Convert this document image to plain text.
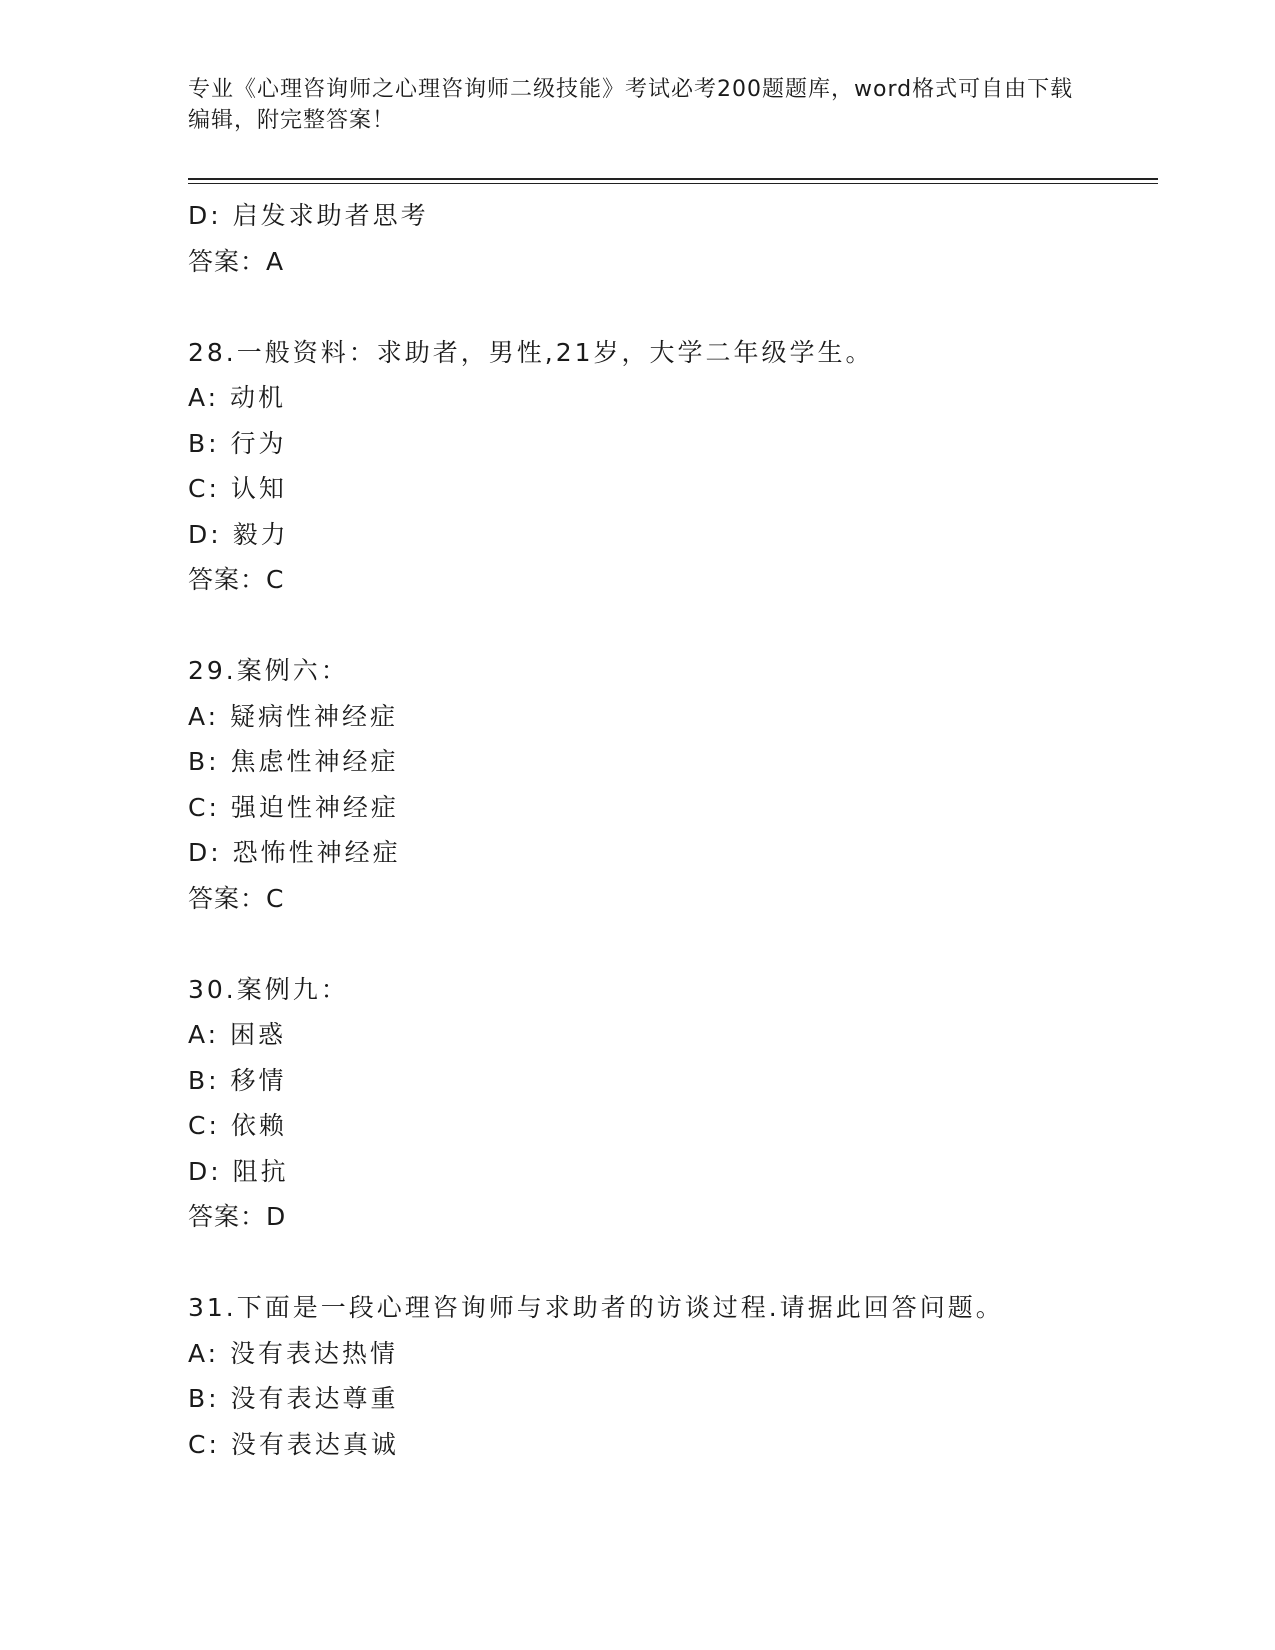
专业《心理咨询师之心理咨询师二级技能》考试必考200题题库，word格式可自由下载编辑，附完整答案！
D: 启发求助者思考
答案：A
28.一般资料：求助者，男性,21岁，大学二年级学生。
A: 动机
B: 行为
C: 认知
D: 毅力
答案：C
29.案例六：
A: 疑病性神经症
B: 焦虑性神经症
C: 强迫性神经症
D: 恐怖性神经症
答案：C
30.案例九：
A: 困惑
B: 移情
C: 依赖
D: 阻抗
答案：D
31.下面是一段心理咨询师与求助者的访谈过程.请据此回答问题。
A: 没有表达热情
B: 没有表达尊重
C: 没有表达真诚
